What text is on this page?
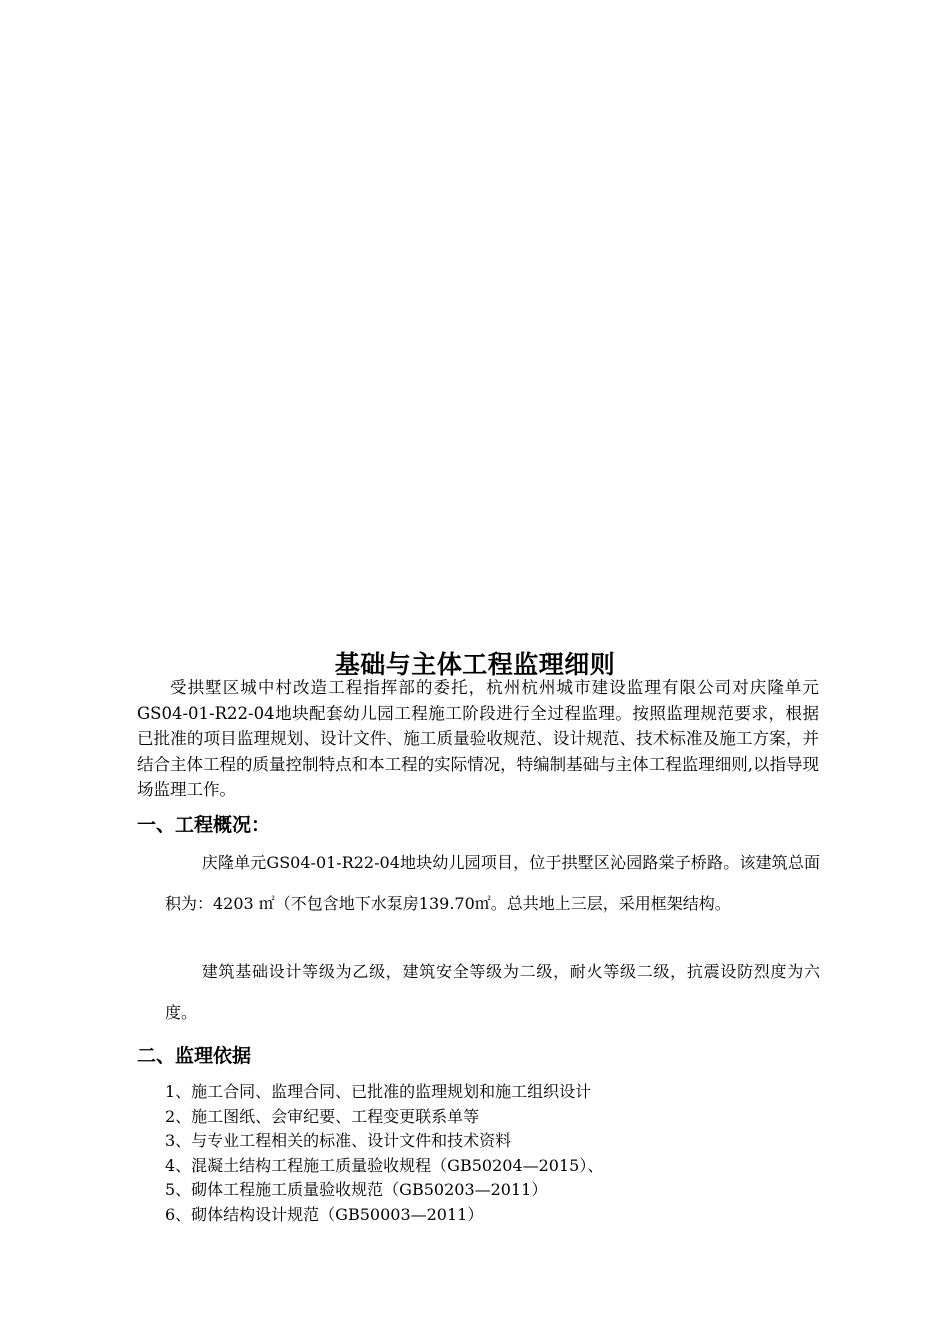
基础与主体工程监理细则

受拱墅区城中村改造工程指挥部的委托，杭州杭州城市建设监理有限公司对庆隆单元GS04-01-R22-04地块配套幼儿园工程施工阶段进行全过程监理。按照监理规范要求，根据已批准的项目监理规划、设计文件、施工质量验收规范、设计规范、技术标准及施工方案，并结合主体工程的质量控制特点和本工程的实际情况，特编制基础与主体工程监理细则,以指导现场监理工作。

一、工程概况：

庆隆单元GS04-01-R22-04地块幼儿园项目，位于拱墅区沁园路棠子桥路。该建筑总面积为：4203 ㎡（不包含地下水泵房139.70㎡。总共地上三层，采用框架结构。

建筑基础设计等级为乙级，建筑安全等级为二级，耐火等级二级，抗震设防烈度为六度。

二、监理依据
1、施工合同、监理合同、已批准的监理规划和施工组织设计
2、施工图纸、会审纪要、工程变更联系单等
3、与专业工程相关的标准、设计文件和技术资料
4、混凝土结构工程施工质量验收规程（GB50204—2015）、
5、砌体工程施工质量验收规范（GB50203—2011）
6、砌体结构设计规范（GB50003—2011）
